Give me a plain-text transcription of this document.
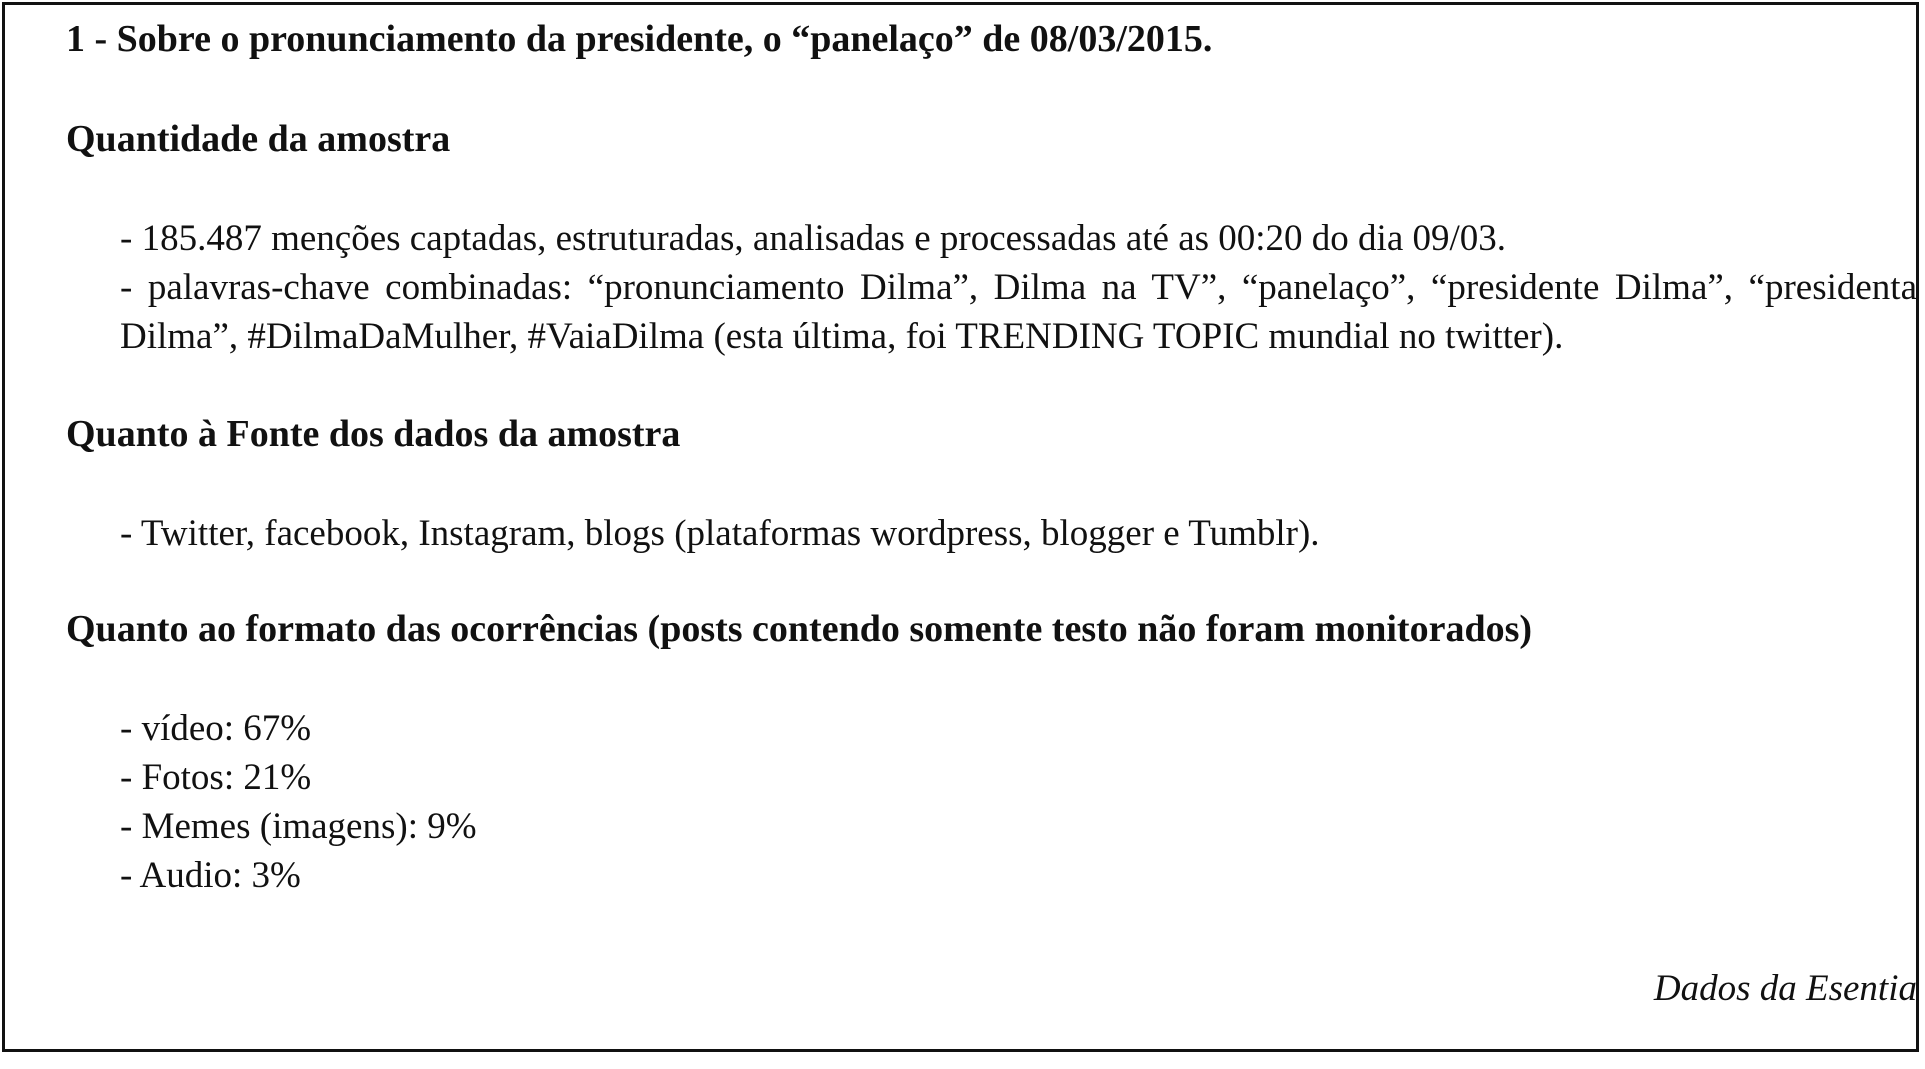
1 - Sobre o pronunciamento da presidente, o “panelaço” de 08/03/2015.

Quantidade da amostra

- 185.487 menções captadas, estruturadas, analisadas e processadas até as 00:20 do dia 09/03.

- palavras-chave combinadas: “pronunciamento Dilma”, Dilma na TV”, “panelaço”, “presidente Dilma”, “presidenta Dilma”, #DilmaDaMulher, #VaiaDilma (esta última, foi TRENDING TOPIC mundial no twitter).

Quanto à Fonte dos dados da amostra

- Twitter, facebook, Instagram, blogs (plataformas wordpress, blogger e Tumblr).

Quanto ao formato das ocorrências (posts contendo somente testo não foram monitorados)

- vídeo: 67%

- Fotos: 21%

- Memes (imagens): 9%

- Audio: 3%

Dados da Esentia
